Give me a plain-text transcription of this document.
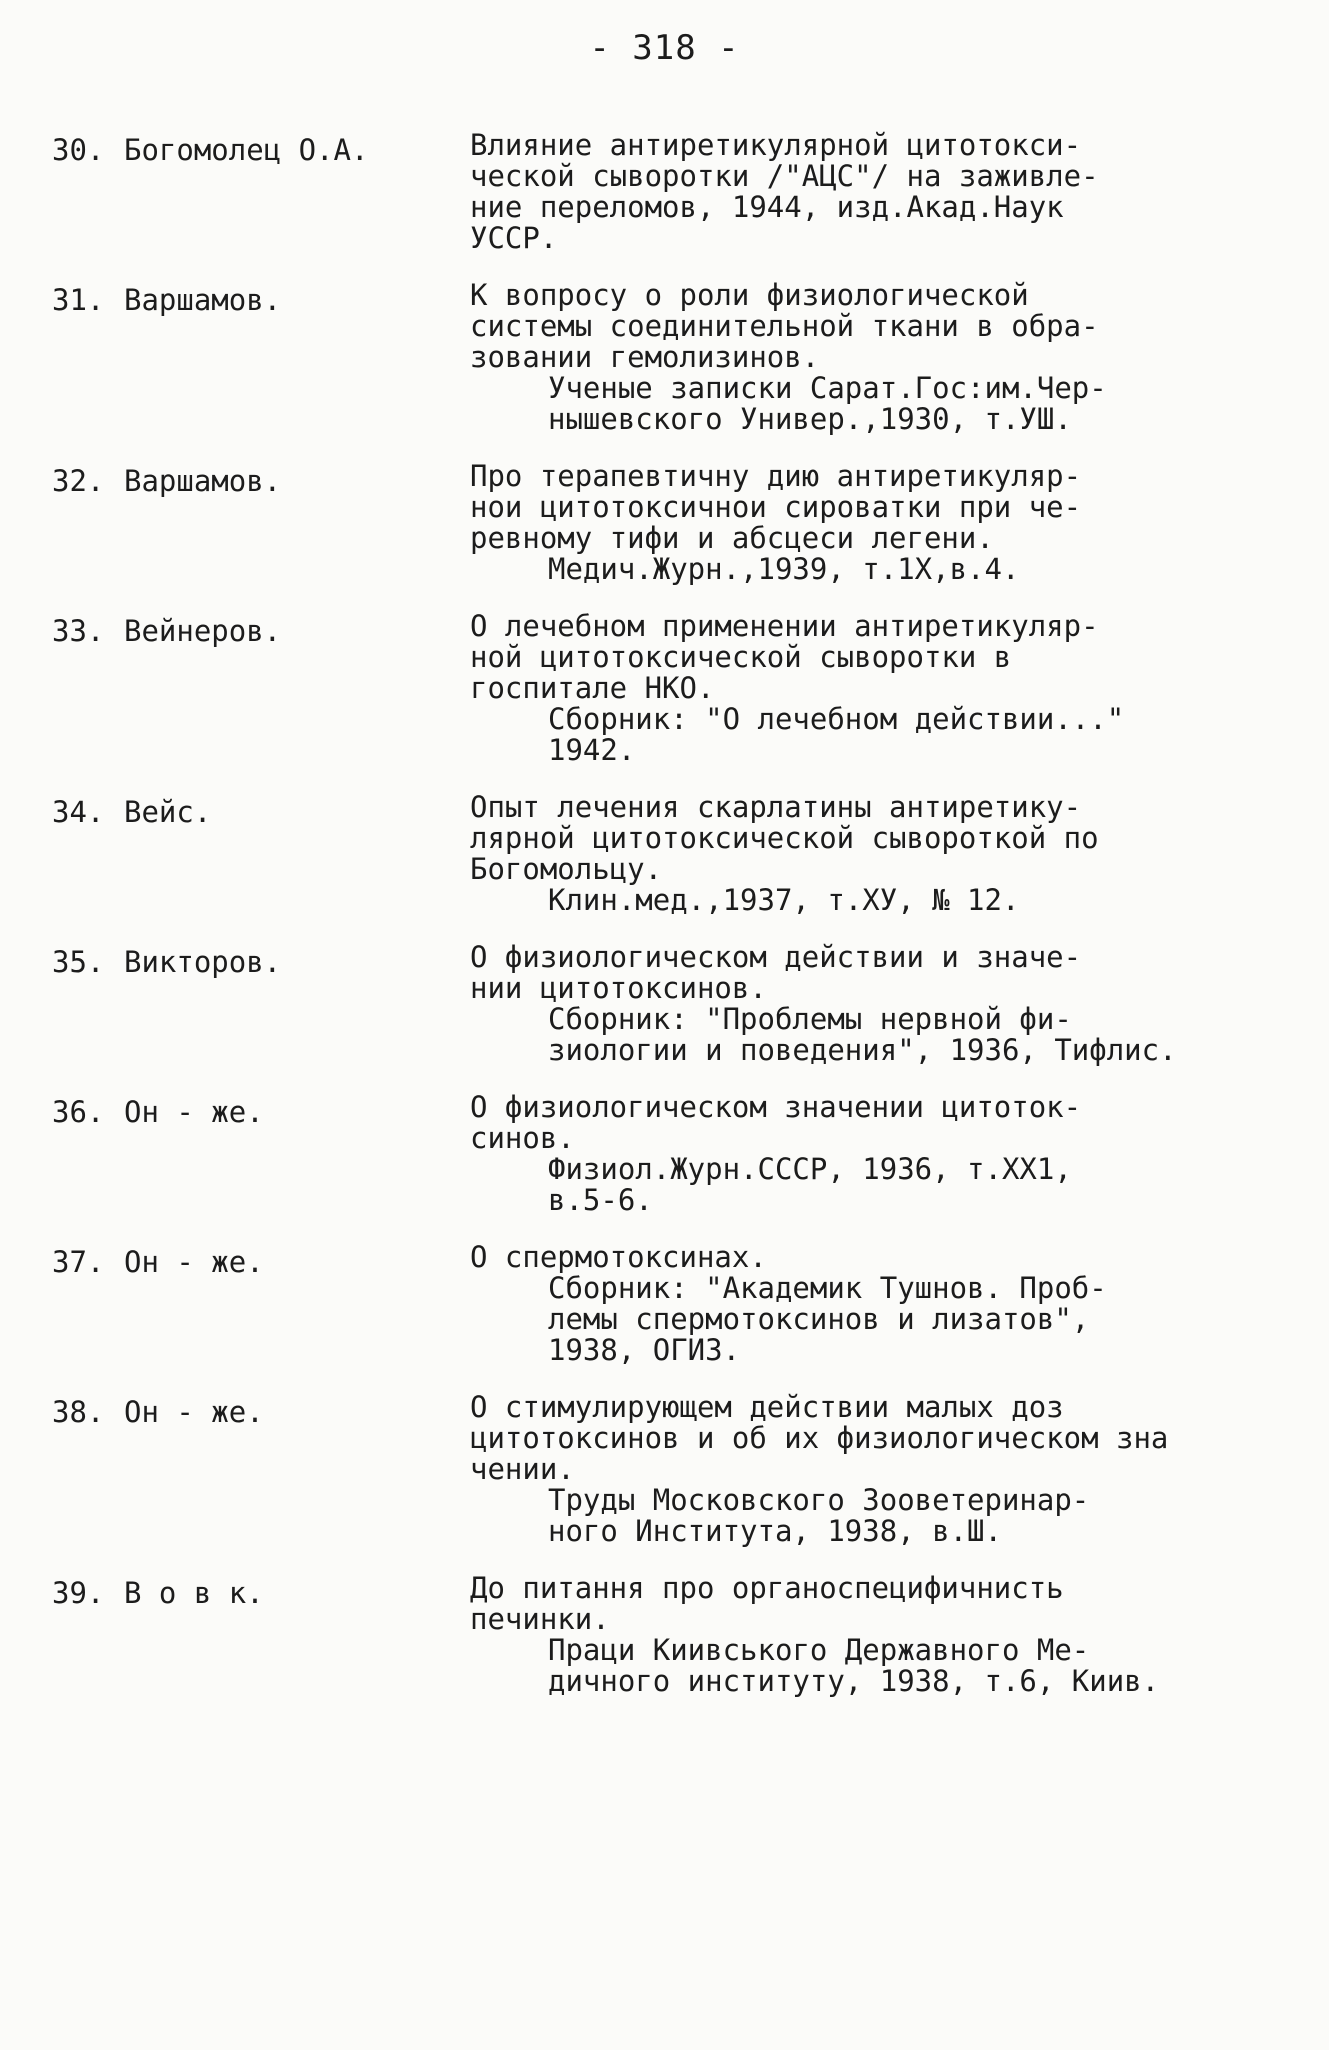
- 318 -
30. Богомолец О.А.	Влияние антиретикулярной цитотокси-
ческой сыворотки /"АЦС"/ на заживле-
ние переломов, 1944, изд.Акад.Наук
УССР.
31. Варшамов.	К вопросу о роли физиологической
системы соединительной ткани в обра-
зовании гемолизинов.
Ученые записки Сарат.Гос:им.Чер-
нышевского Универ.,1930, т.УШ.
32. Варшамов.	Про терапевтичну дию антиретикуляр-
нои цитотоксичнои сироватки при че-
ревному тифи и абсцеси легени.
Медич.Журн.,1939, т.1Х,в.4.
33. Вейнеров.	О лечебном применении антиретикуляр-
ной цитотоксической сыворотки в
госпитале НКО.
Сборник: "О лечебном действии..."
1942.
34. Вейс.	Опыт лечения скарлатины антиретику-
лярной цитотоксической сывороткой по
Богомольцу.
Клин.мед.,1937, т.ХУ, № 12.
35. Викторов.	О физиологическом действии и значе-
нии цитотоксинов.
Сборник: "Проблемы нервной фи-
зиологии и поведения", 1936, Тифлис.
36. Он - же.	О физиологическом значении цитоток-
синов.
Физиол.Журн.СССР, 1936, т.ХХ1,
в.5-6.
37. Он - же.	О спермотоксинах.
Сборник: "Академик Тушнов. Проб-
лемы спермотоксинов и лизатов",
1938, ОГИЗ.
38. Он - же.	О стимулирующем действии малых доз
цитотоксинов и об их физиологическом зна
чении.
Труды Московского Зооветеринар-
ного Института, 1938, в.Ш.
39. В о в к.	До питання про органоспецифичнисть
печинки.
Праци Киивського Державного Ме-
дичного институту, 1938, т.6, Киив.
